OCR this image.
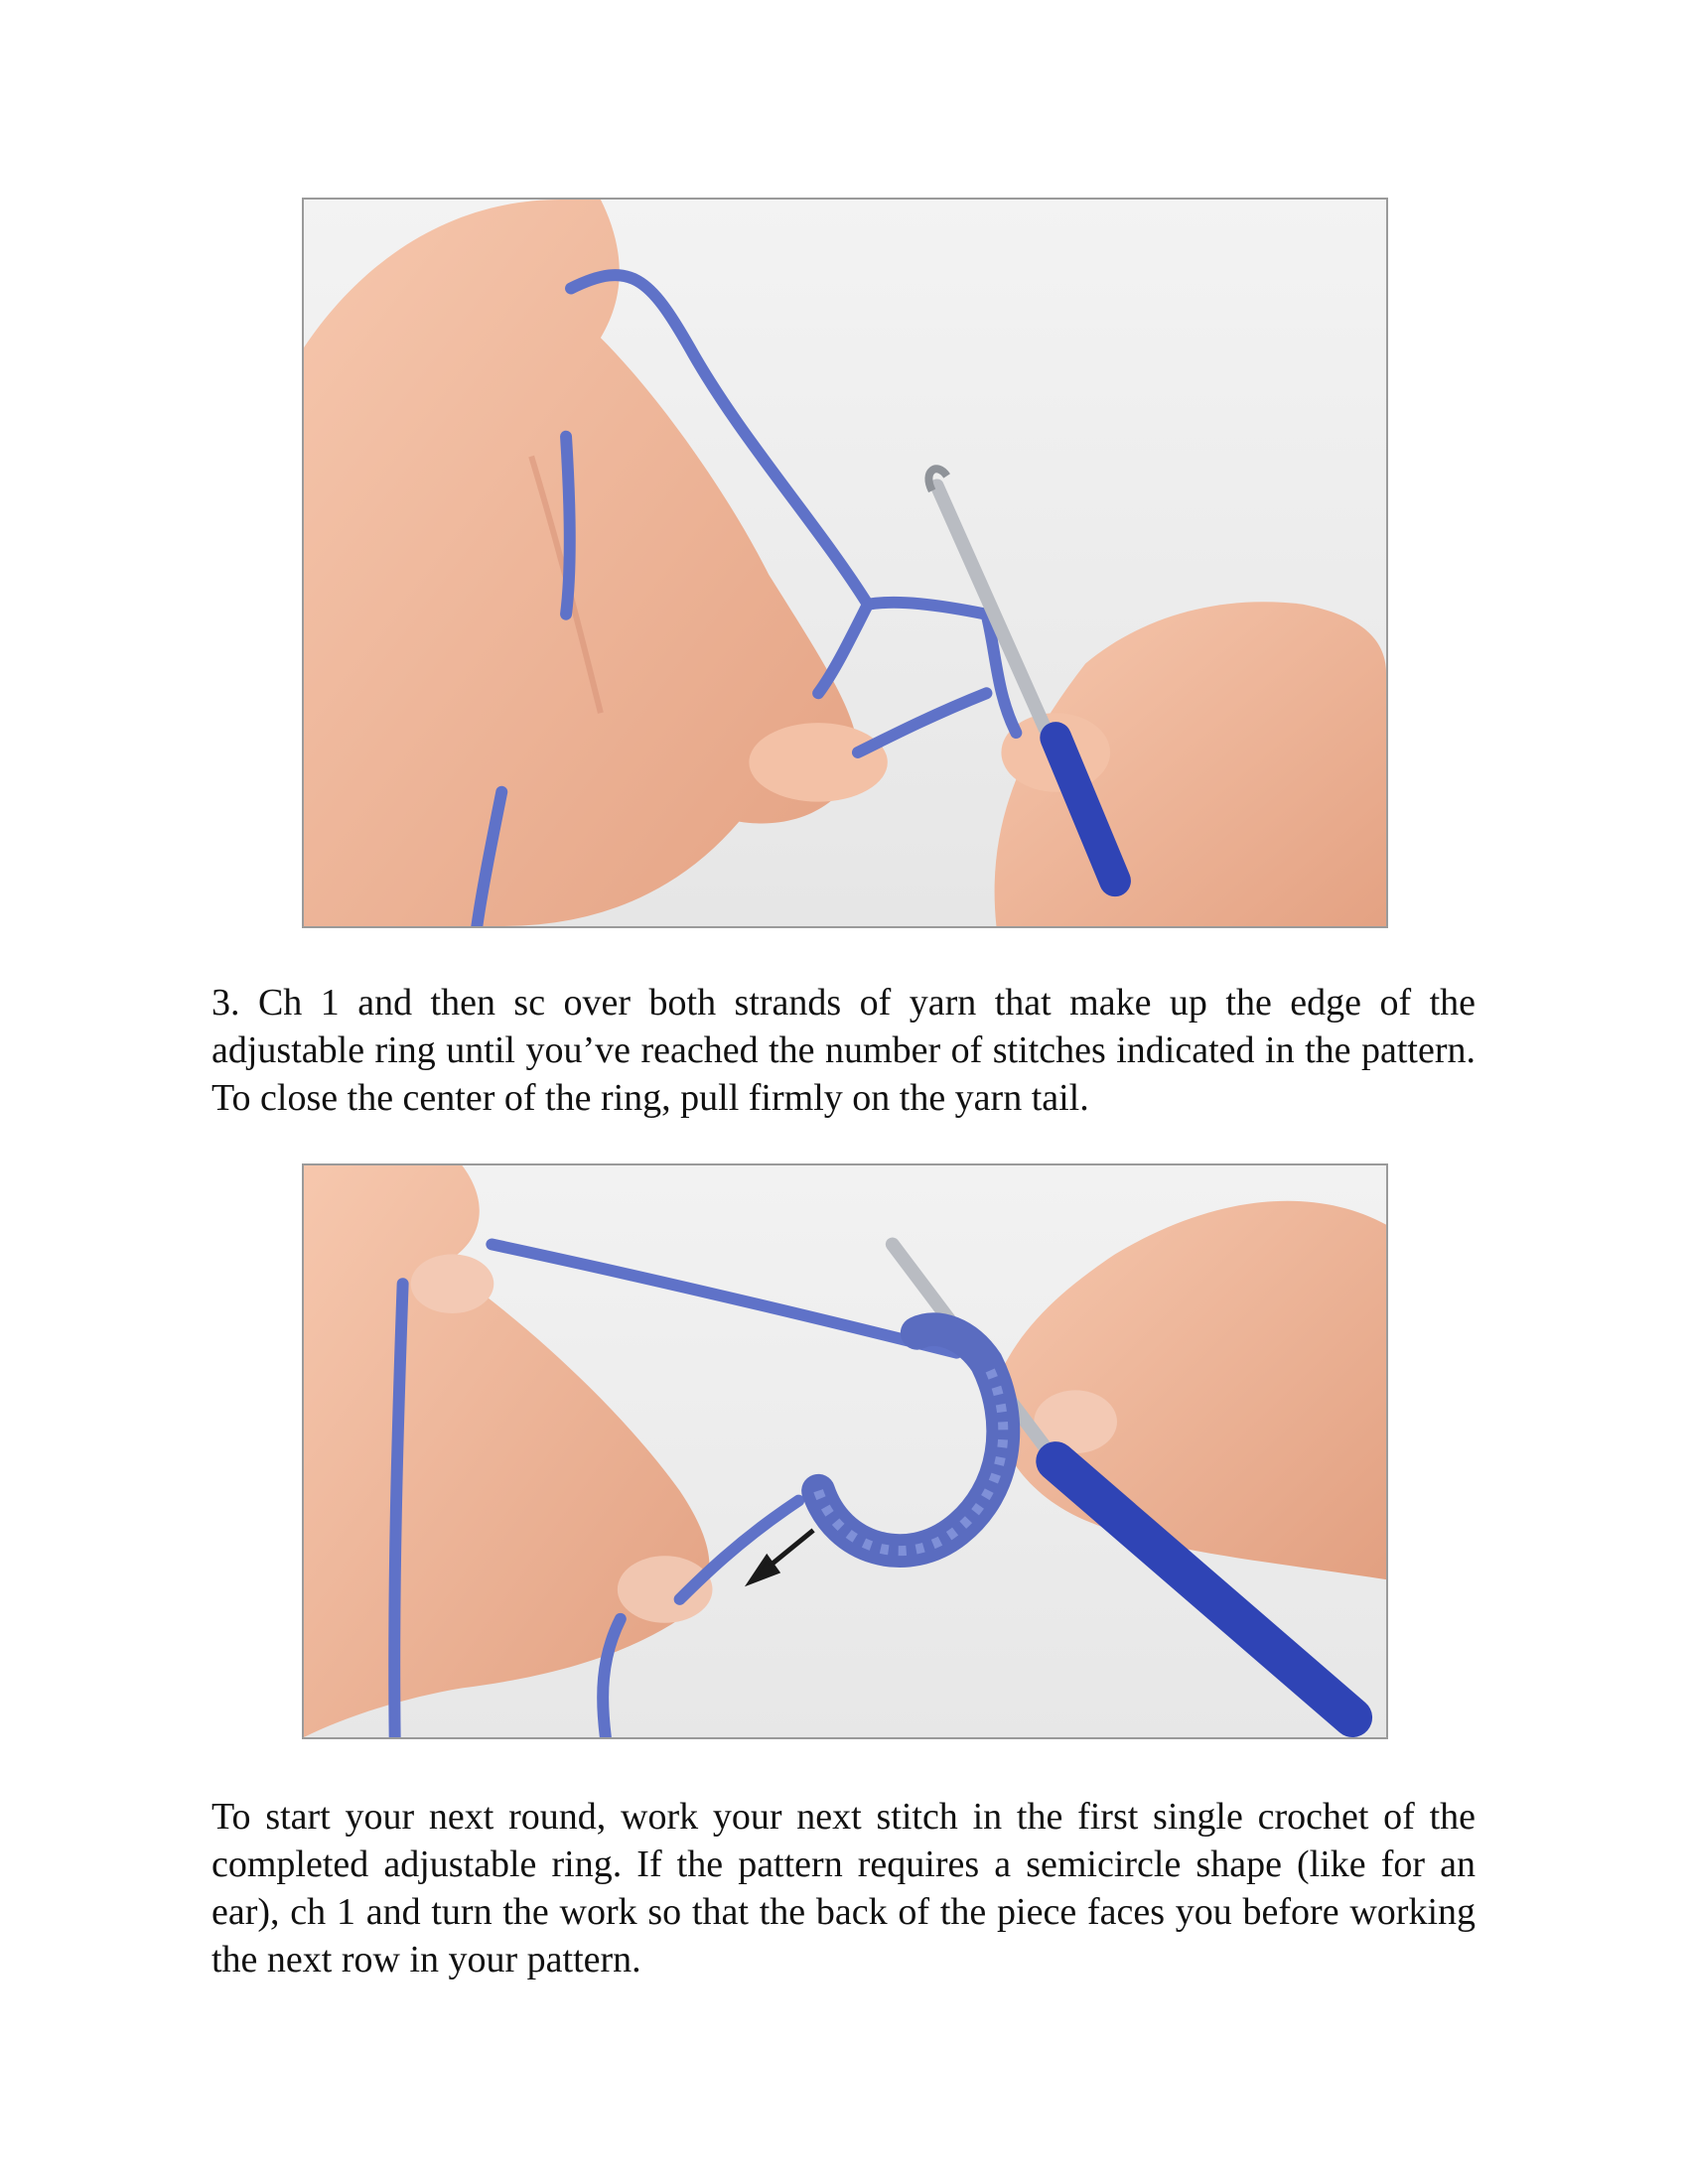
3. Ch 1 and then sc over both strands of yarn that make up the edge of the adjustable ring until you’ve reached the number of stitches indicated in the pattern. To close the center of the ring, pull firmly on the yarn tail.

To start your next round, work your next stitch in the first single crochet of the completed adjustable ring. If the pattern requires a semicircle shape (like for an ear), ch 1 and turn the work so that the back of the piece faces you before working the next row in your pattern.
